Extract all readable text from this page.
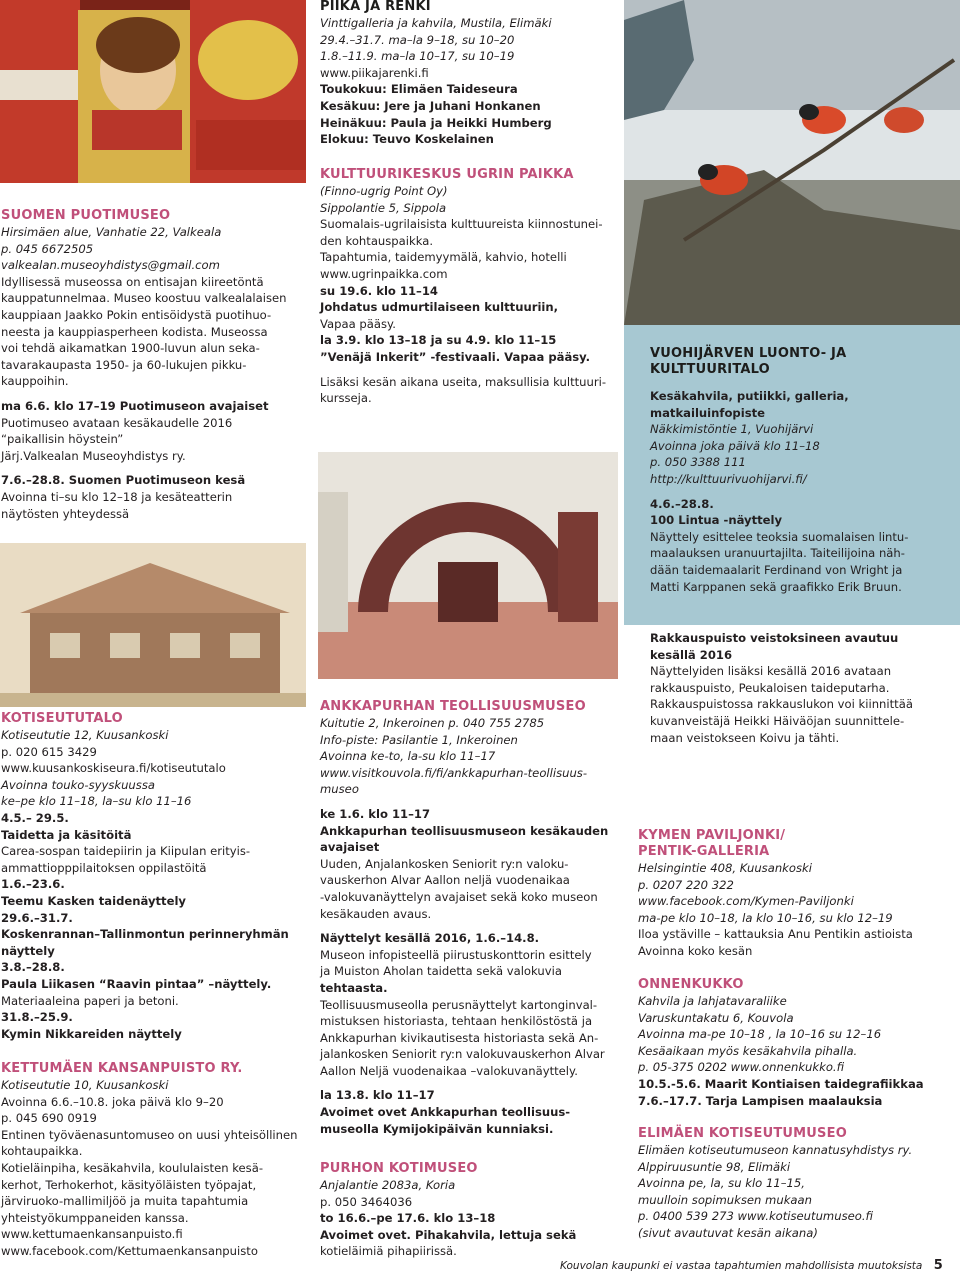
PIIKA JA RENKI
Vinttigalleria ja kahvila, Mustila, Elimäki
29.4.–31.7. ma–la 9–18, su 10–20
1.8.–11.9. ma–la 10–17, su 10–19
www.piikajarenki.fi
Toukokuu: Elimäen Taideseura
Kesäkuu: Jere ja Juhani Honkanen
Heinäkuu: Paula ja Heikki Humberg
Elokuu: Teuvo Koskelainen
KULTTUURIKESKUS UGRIN PAIKKA
(Finno-ugrig Point Oy)
Sippolantie 5, Sippola
Suomalais-ugrilaisista kulttuureista kiinnostunei-
den kohtauspaikka.
Tapahtumia, taidemyymälä, kahvio, hotelli
www.ugrinpaikka.com
su 19.6. klo 11–14
Johdatus udmurtilaiseen kulttuuriin,
Vapaa pääsy.
la 3.9. klo 13–18 ja su 4.9. klo 11–15
”Venäjä Inkerit” -festivaali. Vapaa pääsy.
Lisäksi kesän aikana useita, maksullisia kulttuuri-
kursseja.
SUOMEN PUOTIMUSEO
Hirsimäen alue, Vanhatie 22, Valkeala
p. 045 6672505
valkealan.museoyhdistys@gmail.com
Idyllisessä museossa on entisajan kiireetöntä
kauppatunnelmaa. Museo koostuu valkealalaisen
kauppiaan Jaakko Pokin entisöidystä puotihuo-
neesta ja kauppiasperheen kodista. Museossa
voi tehdä aikamatkan 1900-luvun alun seka-
tavarakaupasta 1950- ja 60-lukujen pikku-
kauppoihin.
ma 6.6. klo 17–19 Puotimuseon avajaiset
Puotimuseo avataan kesäkaudelle 2016
“paikallisin höystein”
Järj.Valkealan Museoyhdistys ry.
7.6.–28.8. Suomen Puotimuseon kesä
Avoinna ti–su klo 12–18 ja kesäteatterin
näytösten yhteydessä
VUOHIJÄRVEN LUONTO- JA
KULTTUURITALO
Kesäkahvila, putiikki, galleria,
matkailuinfopiste
Näkkimistöntie 1, Vuohijärvi
Avoinna joka päivä klo 11–18
p. 050 3388 111
http://kulttuurivuohijarvi.fi/
4.6.–28.8.
100 Lintua -näyttely
Näyttely esittelee teoksia suomalaisen lintu-
maalauksen uranuurtajilta. Taiteilijoina näh-
dään taidemaalarit Ferdinand von Wright ja
Matti Karppanen sekä graafikko Erik Bruun.
Rakkauspuisto veistoksineen avautuu
kesällä 2016
Näyttelyiden lisäksi kesällä 2016 avataan
rakkauspuisto, Peukaloisen taideputarha.
Rakkauspuistossa rakkauslukon voi kiinnittää
kuvanveistäjä Heikki Häiväöjan suunnittele-
maan veistokseen Koivu ja tähti.
KOTISEUTUTALO
Kotiseututie 12, Kuusankoski
p. 020 615 3429
www.kuusankoskiseura.fi/kotiseututalo
Avoinna touko-syyskuussa
ke–pe klo 11–18, la–su klo 11–16
4.5.– 29.5.
Taidetta ja käsitöitä
Carea-sospan taidepiirin ja Kiipulan erityis-
ammattiopppilaitoksen oppilastöitä
1.6.–23.6.
Teemu Kasken taidenäyttely
29.6.–31.7.
Koskenrannan–Tallinmontun perinneryhmän
näyttely
3.8.–28.8.
Paula Liikasen “Raavin pintaa” –näyttely.
Materiaaleina paperi ja betoni.
31.8.–25.9.
Kymin Nikkareiden näyttely
KETTUMÄEN KANSANPUISTO RY.
Kotiseututie 10, Kuusankoski
Avoinna 6.6.–10.8. joka päivä klo 9–20
p. 045 690 0919
Entinen työväenasuntomuseo on uusi yhteisöllinen
kohtaupaikka.
Kotieläinpiha, kesäkahvila, koululaisten kesä-
kerhot, Terhokerhot, käsityöläisten työpajat,
järviruoko-mallimiljöö ja muita tapahtumia
yhteistyökumppaneiden kanssa.
www.kettumaenkansanpuisto.fi
www.facebook.com/Kettumaenkansanpuisto
ANKKAPURHAN TEOLLISUUSMUSEO
Kuitutie 2, Inkeroinen p. 040 755 2785
Info-piste: Pasilantie 1, Inkeroinen
Avoinna ke-to, la-su klo 11–17
www.visitkouvola.fi/fi/ankkapurhan-teollisuus-
museo
ke 1.6. klo 11–17
Ankkapurhan teollisuusmuseon kesäkauden
avajaiset
Uuden, Anjalankosken Seniorit ry:n valoku-
vauskerhon Alvar Aallon neljä vuodenaikaa
-valokuvanäyttelyn avajaiset sekä koko museon
kesäkauden avaus.
Näyttelyt kesällä 2016, 1.6.–14.8.
Museon infopisteellä piirustuskonttorin esittely
ja Muiston Aholan taidetta sekä valokuvia
tehtaasta.
Teollisuusmuseolla perusnäyttelyt kartonginval-
mistuksen historiasta, tehtaan henkilöstöstä ja
Ankkapurhan kivikautisesta historiasta sekä An-
jalankosken Seniorit ry:n valokuvauskerhon Alvar
Aallon Neljä vuodenaikaa –valokuvanäyttely.
la 13.8. klo 11–17
Avoimet ovet Ankkapurhan teollisuus-
museolla Kymijokipäivän kunniaksi.
PURHON KOTIMUSEO
Anjalantie 2083a, Koria
p. 050 3464036
to 16.6.–pe 17.6. klo 13–18
Avoimet ovet. Pihakahvila, lettuja sekä
kotieläimiä pihapiirissä.
KYMEN PAVILJONKI/
PENTIK-GALLERIA
Helsingintie 408, Kuusankoski
p. 0207 220 322
www.facebook.com/Kymen-Paviljonki
ma-pe klo 10–18, la klo 10–16, su klo 12–19
Iloa ystäville – kattauksia Anu Pentikin astioista
Avoinna koko kesän
ONNENKUKKO
Kahvila ja lahjatavaraliike
Varuskuntakatu 6, Kouvola
Avoinna ma-pe 10–18 , la 10–16 su 12–16
Kesäaikaan myös kesäkahvila pihalla.
p. 05-375 0202 www.onnenkukko.fi
10.5.-5.6. Maarit Kontiaisen taidegrafiikkaa
7.6.–17.7. Tarja Lampisen maalauksia
ELIMÄEN KOTISEUTUMUSEO
Elimäen kotiseutumuseon kannatusyhdistys ry.
Alppiruusuntie 98, Elimäki
Avoinna pe, la, su klo 11–15,
muulloin sopimuksen mukaan
p. 0400 539 273 www.kotiseutumuseo.fi
(sivut avautuvat kesän aikana)
Kouvolan kaupunki ei vastaa tapahtumien mahdollisista muutoksista 5
